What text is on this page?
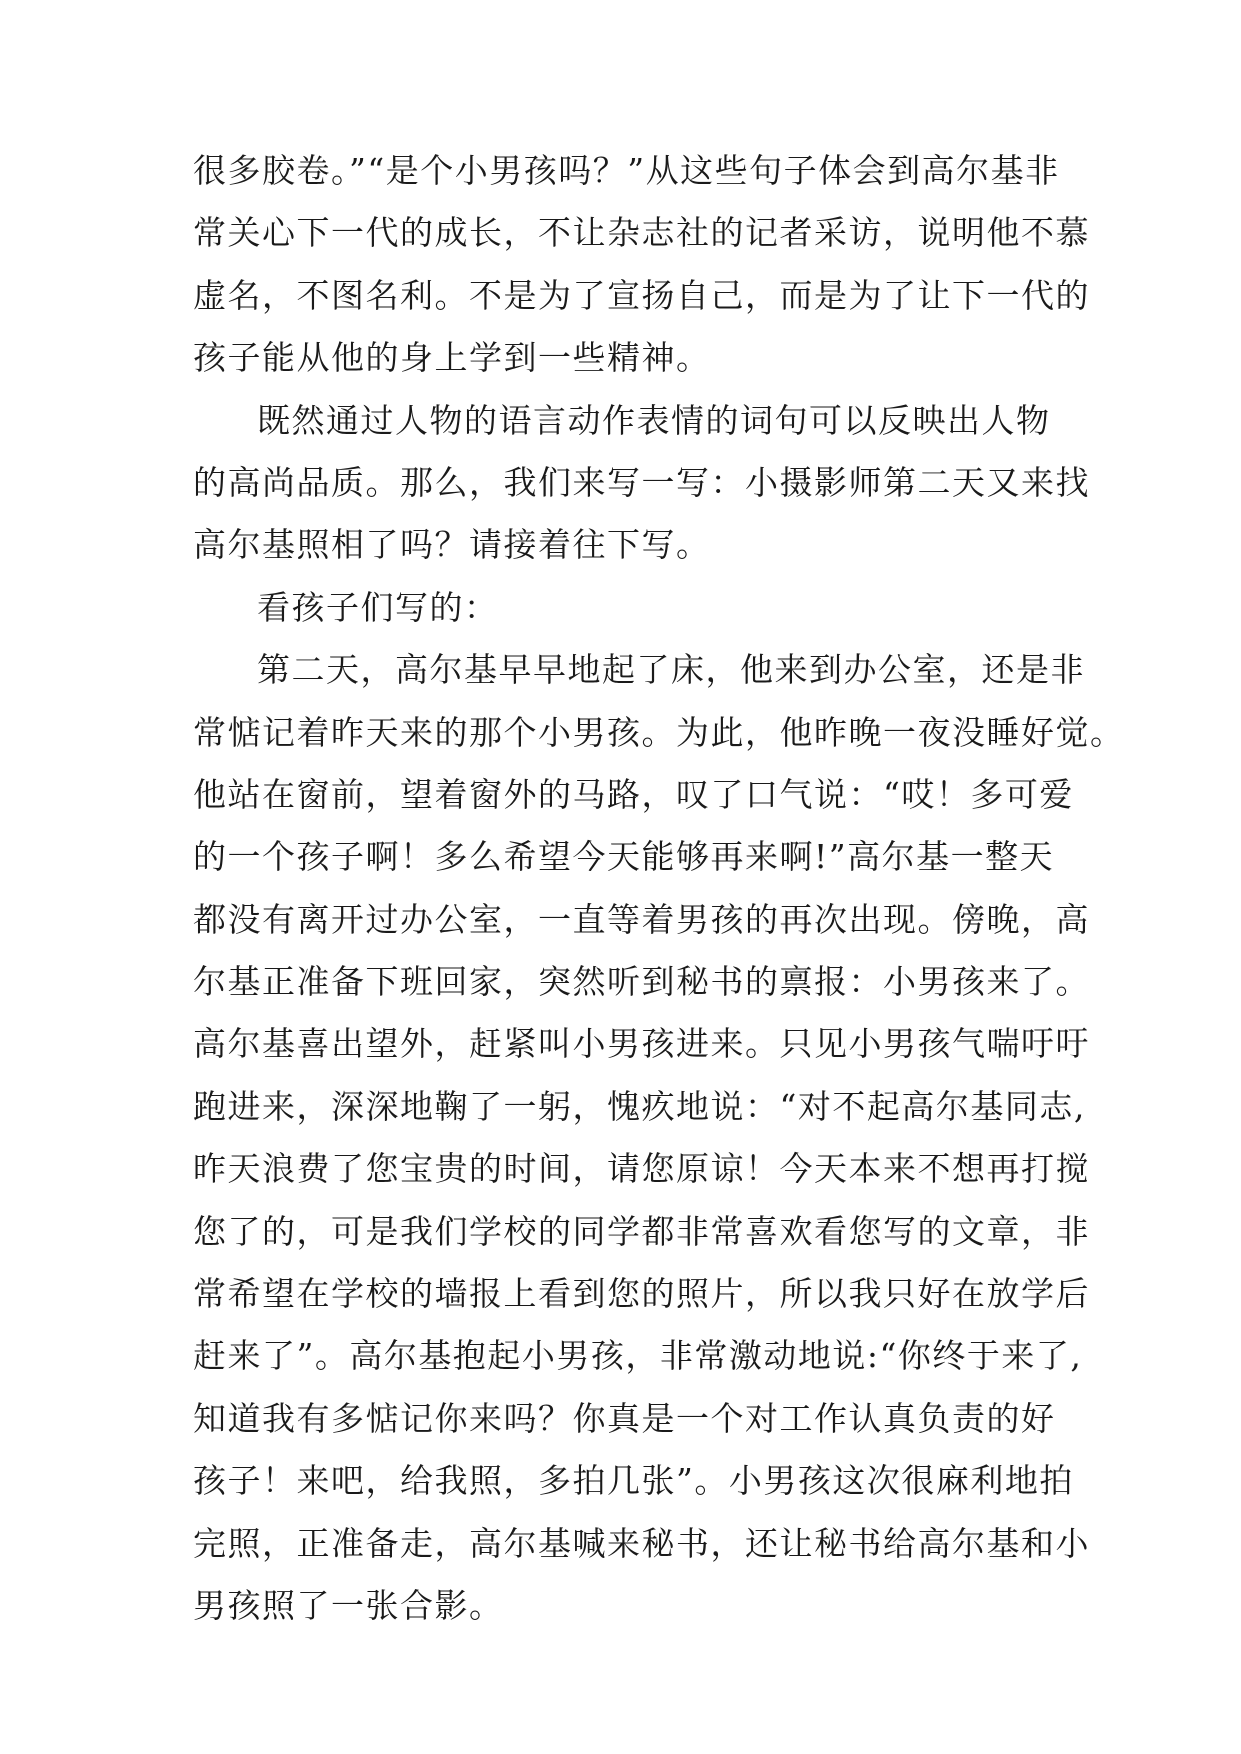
很多胶卷。”“是个小男孩吗？”从这些句子体会到高尔基非
常关心下一代的成长，不让杂志社的记者采访，说明他不慕
虚名，不图名利。不是为了宣扬自己，而是为了让下一代的
孩子能从他的身上学到一些精神。
既然通过人物的语言动作表情的词句可以反映出人物
的高尚品质。那么，我们来写一写：小摄影师第二天又来找
高尔基照相了吗？请接着往下写。
看孩子们写的：
第二天，高尔基早早地起了床，他来到办公室，还是非
常惦记着昨天来的那个小男孩。为此，他昨晚一夜没睡好觉。
他站在窗前，望着窗外的马路，叹了口气说：“哎！多可爱
的一个孩子啊！多么希望今天能够再来啊!”高尔基一整天
都没有离开过办公室，一直等着男孩的再次出现。傍晚，高
尔基正准备下班回家，突然听到秘书的禀报：小男孩来了。
高尔基喜出望外，赶紧叫小男孩进来。只见小男孩气喘吁吁
跑进来，深深地鞠了一躬，愧疚地说：“对不起高尔基同志,
昨天浪费了您宝贵的时间，请您原谅！今天本来不想再打搅
您了的，可是我们学校的同学都非常喜欢看您写的文章，非
常希望在学校的墙报上看到您的照片，所以我只好在放学后
赶来了”。高尔基抱起小男孩，非常激动地说:“你终于来了,
知道我有多惦记你来吗？你真是一个对工作认真负责的好
孩子！来吧，给我照，多拍几张”。小男孩这次很麻利地拍
完照，正准备走，高尔基喊来秘书，还让秘书给高尔基和小
男孩照了一张合影。
